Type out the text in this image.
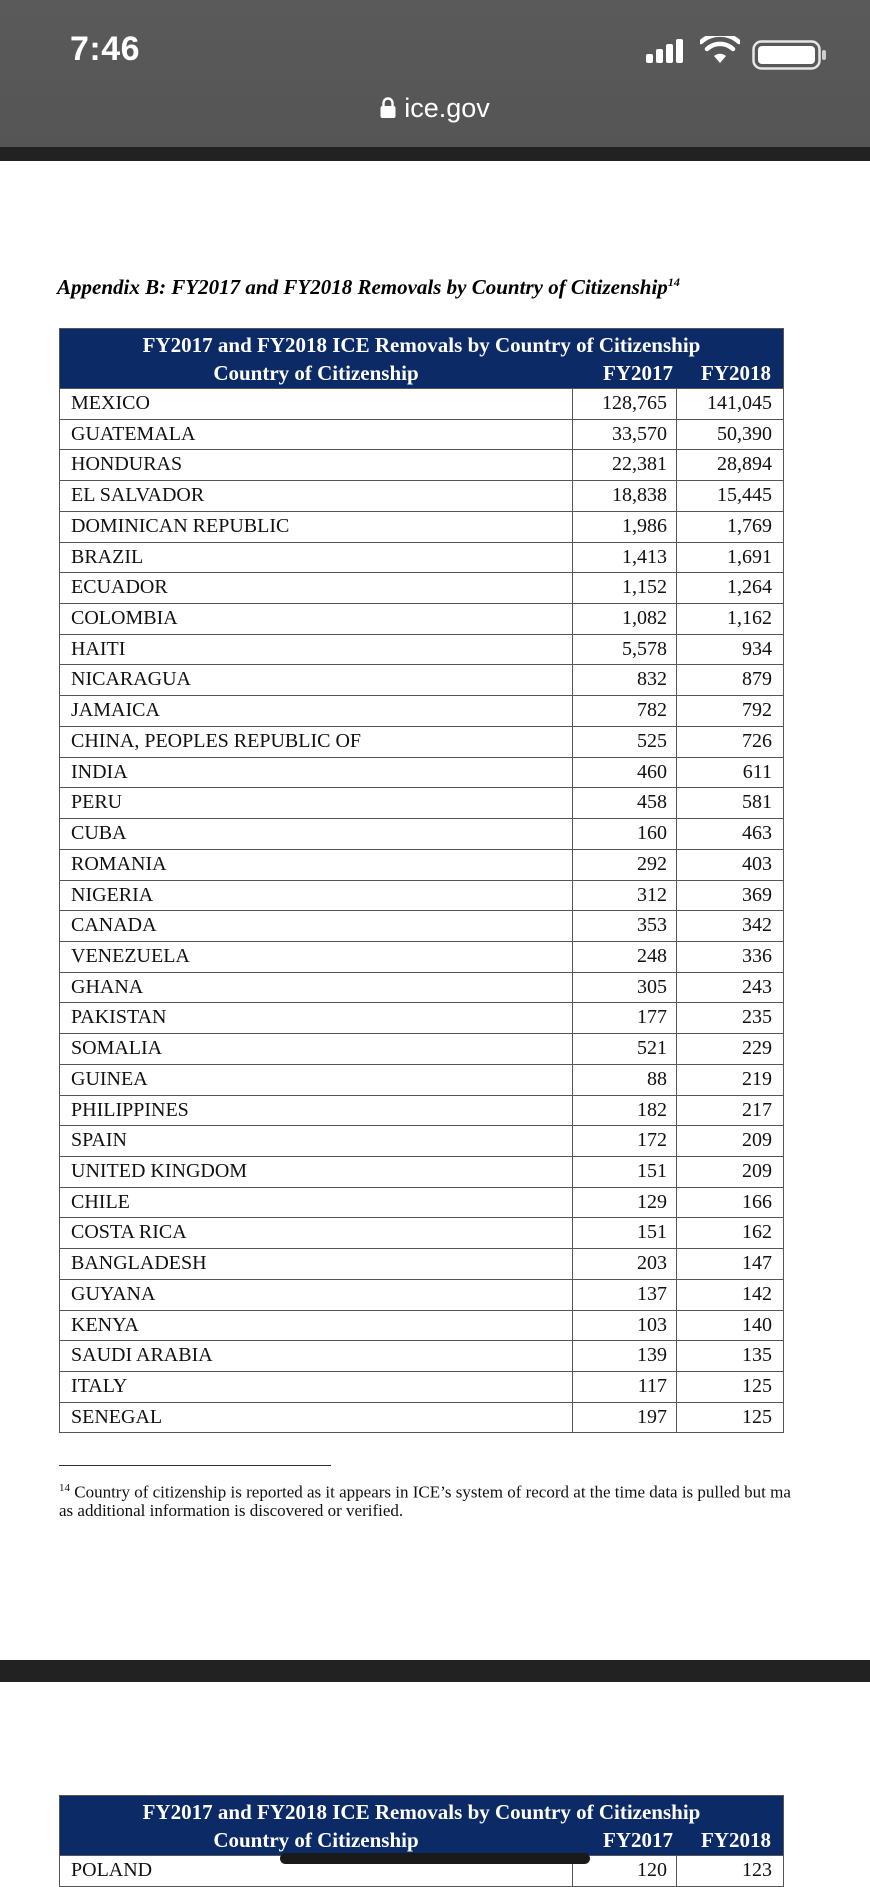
7:46
ice.gov
Appendix B: FY2017 and FY2018 Removals by Country of Citizenship$^{14}$
FY2017 and FY2018 ICE Removals by Country of Citizenship
Country of Citizenship	FY2017 FY2018
MEXICO	128,765	141,045
GUATEMALA	33,570	50,390
HONDURAS	22,381	28,894
EL SALVADOR	18,838	15,445
DOMINICAN REPUBLIC	1,986	1,769
BRAZIL	1,413	1,691
ECUADOR	1,152	1,264
COLOMBIA	1,082	1,162
HAITI	5,578	934
NICARAGUA	832	879
JAMAICA	782	792
CHINA, PEOPLES REPUBLIC OF	525	726
INDIA	460	611
PERU	458	581
CUBA	160	463
ROMANIA	292	403
NIGERIA	312	369
CANADA	353	342
VENEZUELA	248	336
GHANA	305	243
PAKISTAN	177	235
SOMALIA	521	229
GUINEA	88	219
PHILIPPINES	182	217
SPAIN	172	209
UNITED KINGDOM	151	209
CHILE	129	166
COSTA RICA	151	162
BANGLADESH	203	147
GUYANA	137	142
KENYA	103	140
SAUDI ARABIA	139	135
ITALY	117	125
SENEGAL	197	125
$^{14}$ Country of citizenship is reported as it appears in ICE’s system of record at the time data is pulled but ma
as additional information is discovered or verified.
FY2017 and FY2018 ICE Removals by Country of Citizenship
Country of Citizenship	FY2017 FY2018
POLAND	120	123
